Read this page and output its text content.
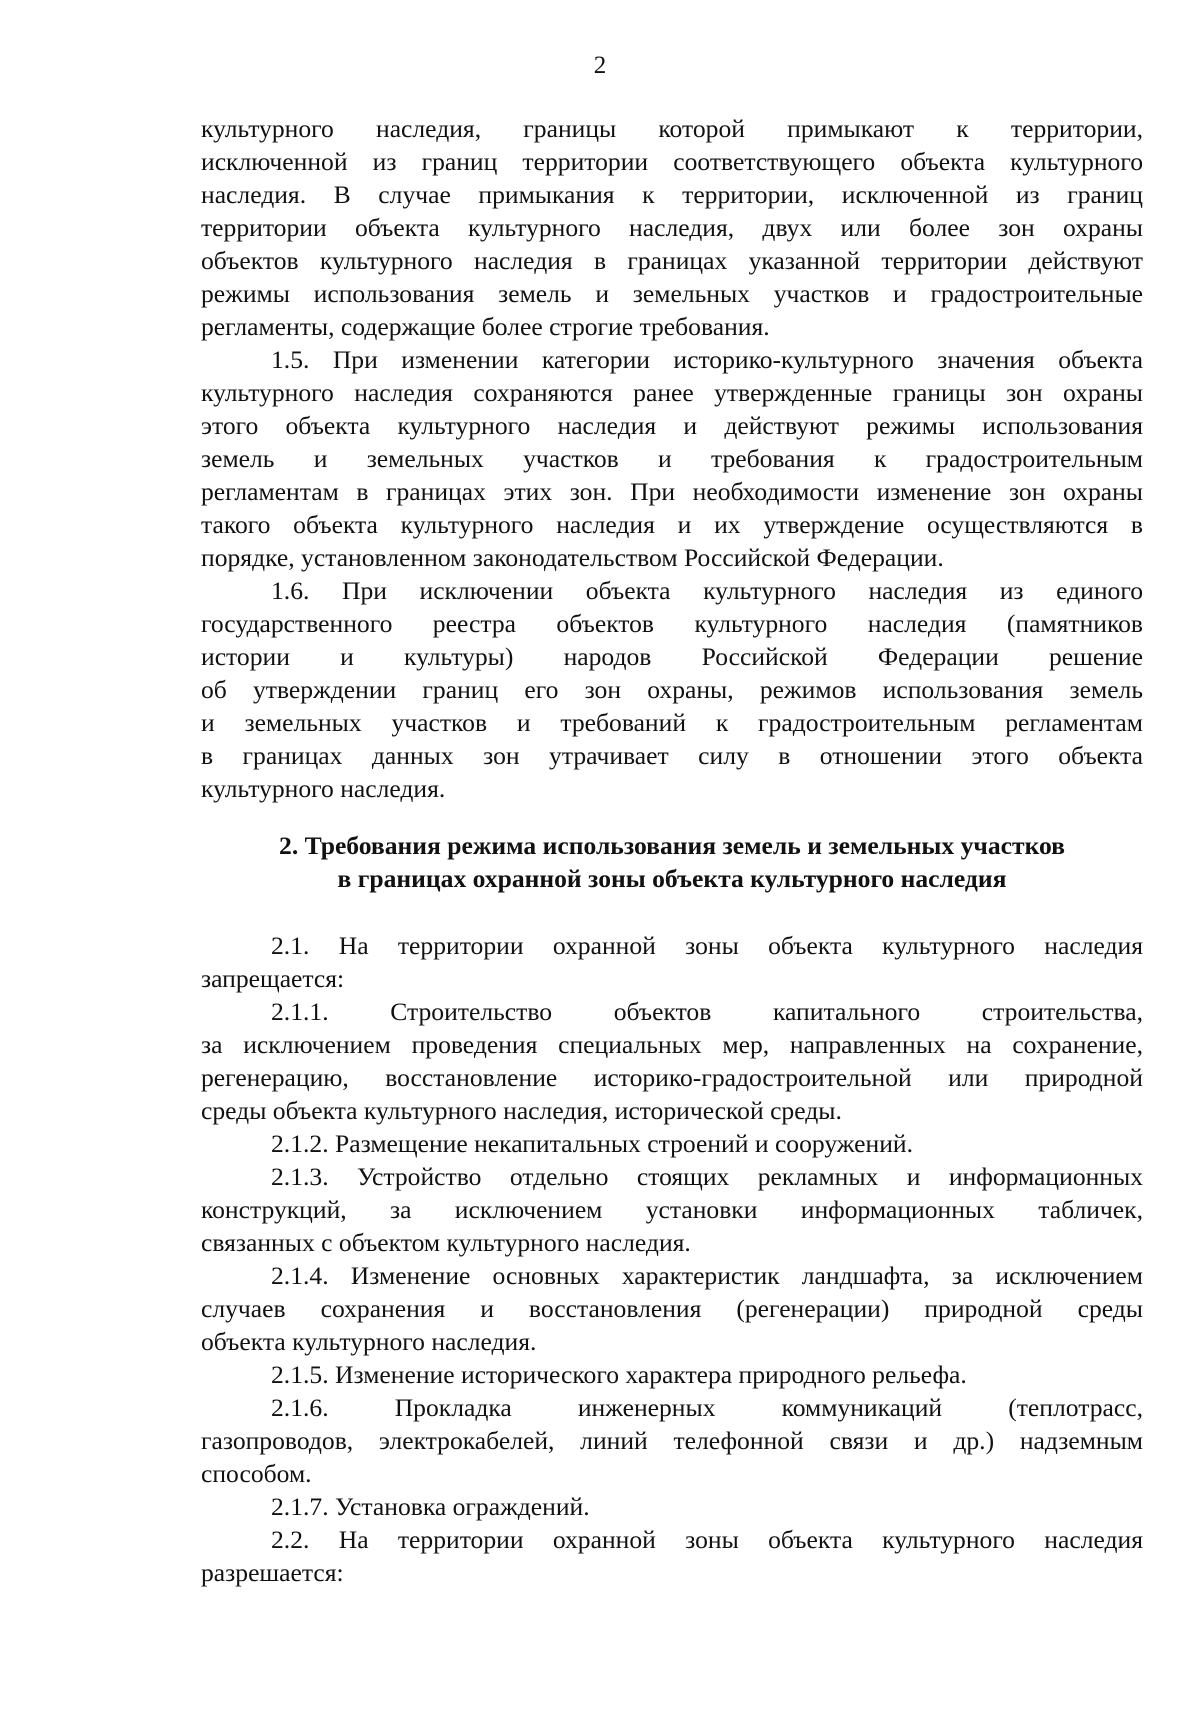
2
культурного наследия, границы которой примыкают к территории,
исключенной из границ территории соответствующего объекта культурного
наследия. В случае примыкания к территории, исключенной из границ
территории объекта культурного наследия, двух или более зон охраны
объектов культурного наследия в границах указанной территории действуют
режимы использования земель и земельных участков и градостроительные
регламенты, содержащие более строгие требования.
1.5. При изменении категории историко-культурного значения объекта
культурного наследия сохраняются ранее утвержденные границы зон охраны
этого объекта культурного наследия и действуют режимы использования
земель и земельных участков и требования к градостроительным
регламентам в границах этих зон. При необходимости изменение зон охраны
такого объекта культурного наследия и их утверждение осуществляются в
порядке, установленном законодательством Российской Федерации.
1.6. При исключении объекта культурного наследия из единого
государственного реестра объектов культурного наследия (памятников
истории и культуры) народов Российской Федерации решение
об утверждении границ его зон охраны, режимов использования земель
и земельных участков и требований к градостроительным регламентам
в границах данных зон утрачивает силу в отношении этого объекта
культурного наследия.
2. Требования режима использования земель и земельных участков
в границах охранной зоны объекта культурного наследия
2.1. На территории охранной зоны объекта культурного наследия
запрещается:
2.1.1. Строительство объектов капитального строительства,
за исключением проведения специальных мер, направленных на сохранение,
регенерацию, восстановление историко-градостроительной или природной
среды объекта культурного наследия, исторической среды.
2.1.2. Размещение некапитальных строений и сооружений.
2.1.3. Устройство отдельно стоящих рекламных и информационных
конструкций, за исключением установки информационных табличек,
связанных с объектом культурного наследия.
2.1.4. Изменение основных характеристик ландшафта, за исключением
случаев сохранения и восстановления (регенерации) природной среды
объекта культурного наследия.
2.1.5. Изменение исторического характера природного рельефа.
2.1.6. Прокладка инженерных коммуникаций (теплотрасс,
газопроводов, электрокабелей, линий телефонной связи и др.) надземным
способом.
2.1.7. Установка ограждений.
2.2. На территории охранной зоны объекта культурного наследия
разрешается:
